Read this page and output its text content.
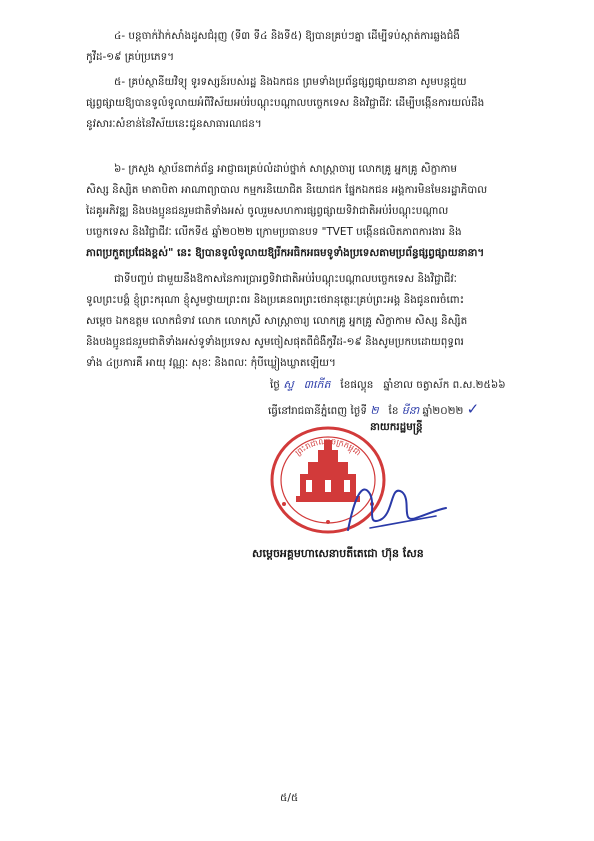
៤- បន្តចាក់វ៉ាក់សាំងដូសជំរុញ (ទី៣ ទី៤ និងទី៥) ឱ្យបានគ្រប់ៗគ្នា ដើម្បីទប់ស្កាត់ការឆ្លងជំងឺ
កូវីដ-១៩ គ្រប់ប្រភេទ។

៥- គ្រប់ស្ថានីយវិទ្យុ ទូរទស្សន៍របស់រដ្ឋ និងឯកជន ព្រមទាំងប្រព័ន្ធផ្សព្វផ្សាយនានា សូមបន្តជួយ
ផ្សព្វផ្សាយឱ្យបានទូលំទូលាយអំពីវិស័យអប់រំបណ្តុះបណ្តាលបច្ចេកទេស និងវិជ្ជាជីវៈ ដើម្បីបង្កើនការយល់ដឹង
នូវសារៈសំខាន់នៃវិស័យនេះជូនសាធារណជន។

៦- ក្រសួង ស្ថាប័នពាក់ព័ន្ធ អាជ្ញាធរគ្រប់លំដាប់ថ្នាក់ សាស្ត្រាចារ្យ លោកគ្រូ អ្នកគ្រូ សិក្ខាកាម
សិស្ស និស្សិត មាតាបិតា អាណាព្យាបាល កម្មករនិយោជិត និយោជក ផ្នែកឯកជន អង្គការមិនមែនរដ្ឋាភិបាល
ដៃគូអភិវឌ្ឍ និងបងប្អូនជនរួមជាតិទាំងអស់ ចូលរួមសហការផ្សព្វផ្សាយទិវាជាតិអប់រំបណ្តុះបណ្តាល
បច្ចេកទេស និងវិជ្ជាជីវៈ លើកទី៥ ឆ្នាំ២០២២ ក្រោមប្រធានបទ "TVET បង្កើនផលិតភាពការងារ និង
ភាពប្រកួតប្រជែងខ្ពស់" នេះ ឱ្យបានទូលំទូលាយឱ្យរីកអធិកអធមទូទាំងប្រទេសតាមប្រព័ន្ធផ្សព្វផ្សាយនានា។

ជាទីបញ្ចប់ ជាមួយនឹងឱកាសនៃការប្រារព្ធទិវាជាតិអប់រំបណ្តុះបណ្តាលបច្ចេកទេស និងវិជ្ជាជីវៈ
ទូលព្រះបង្គំ ខ្ញុំព្រះករុណា ខ្ញុំសូមថ្វាយព្រះពរ និងប្រគេនពរព្រះថេរានុត្ថេរៈគ្រប់ព្រះអង្គ និងជូនពរចំពោះ
សម្តេច ឯកឧត្តម លោកជំទាវ លោក លោកស្រី សាស្ត្រាចារ្យ លោកគ្រូ អ្នកគ្រូ សិក្ខាកាម សិស្ស និស្សិត
និងបងប្អូនជនរួមជាតិទាំងអស់ទូទាំងប្រទេស សូមចៀសផុតពីជំងឺកូវីដ-១៩ និងសូមប្រកបដោយពុទ្ធពរ
ទាំង ៤ប្រការគឺ អាយុ វណ្ណៈ សុខៈ និងពលៈ កុំបីឃ្លៀងឃ្លាតឡើយ។

ថ្ងៃ ស្ទ ៣កើត ខែផល្គុន ឆ្នាំខាល ចត្វាស័ក ព.ស.២៥៦៦
ធ្វើនៅរាជធានីភ្នំពេញ ថ្ងៃទី ២ ខែ មីនា ឆ្នាំ២០២២ ✓
នាយករដ្ឋមន្ត្រី
ព្រះរាជាណាចក្រកម្ពុជា
សម្តេចអគ្គមហាសេនាបតីតេជោ ហ៊ុន សែន
៥/៥
